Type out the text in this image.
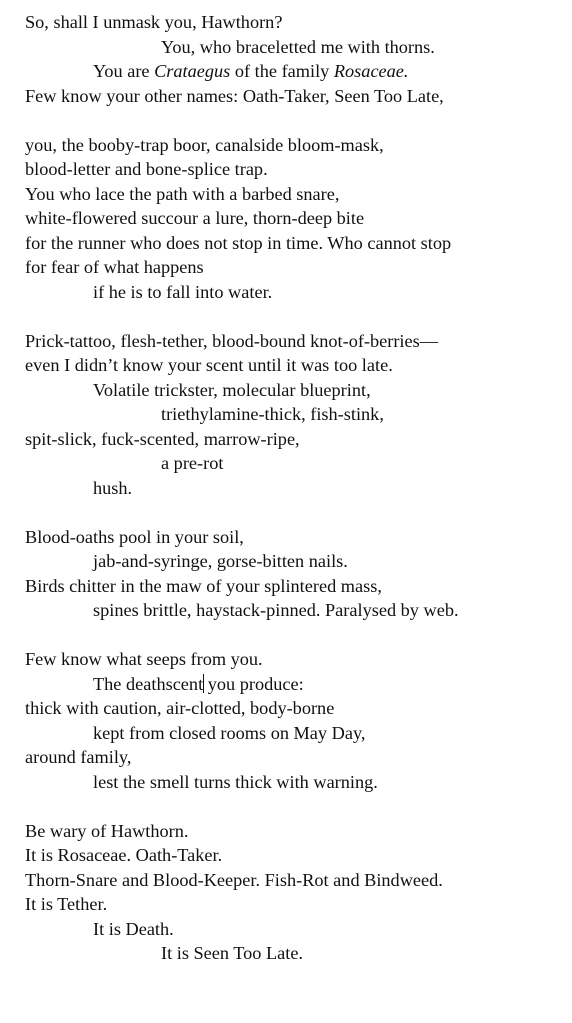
So, shall I unmask you, Hawthorn?
You, who braceletted me with thorns.
You are Crataegus of the family Rosaceae.
Few know your other names: Oath-Taker, Seen Too Late,
you, the booby-trap boor, canalside bloom-mask,
blood-letter and bone-splice trap.
You who lace the path with a barbed snare,
white-flowered succour a lure, thorn-deep bite
for the runner who does not stop in time. Who cannot stop
for fear of what happens
if he is to fall into water.
Prick-tattoo, flesh-tether, blood-bound knot-of-berries—
even I didn’t know your scent until it was too late.
Volatile trickster, molecular blueprint,
triethylamine-thick, fish-stink,
spit-slick, fuck-scented, marrow-ripe,
a pre-rot
hush.
Blood-oaths pool in your soil,
jab-and-syringe, gorse-bitten nails.
Birds chitter in the maw of your splintered mass,
spines brittle, haystack-pinned. Paralysed by web.
Few know what seeps from you.
The deathscent you produce:
thick with caution, air-clotted, body-borne
kept from closed rooms on May Day,
around family,
lest the smell turns thick with warning.
Be wary of Hawthorn.
It is Rosaceae. Oath-Taker.
Thorn-Snare and Blood-Keeper. Fish-Rot and Bindweed.
It is Tether.
It is Death.
It is Seen Too Late.
